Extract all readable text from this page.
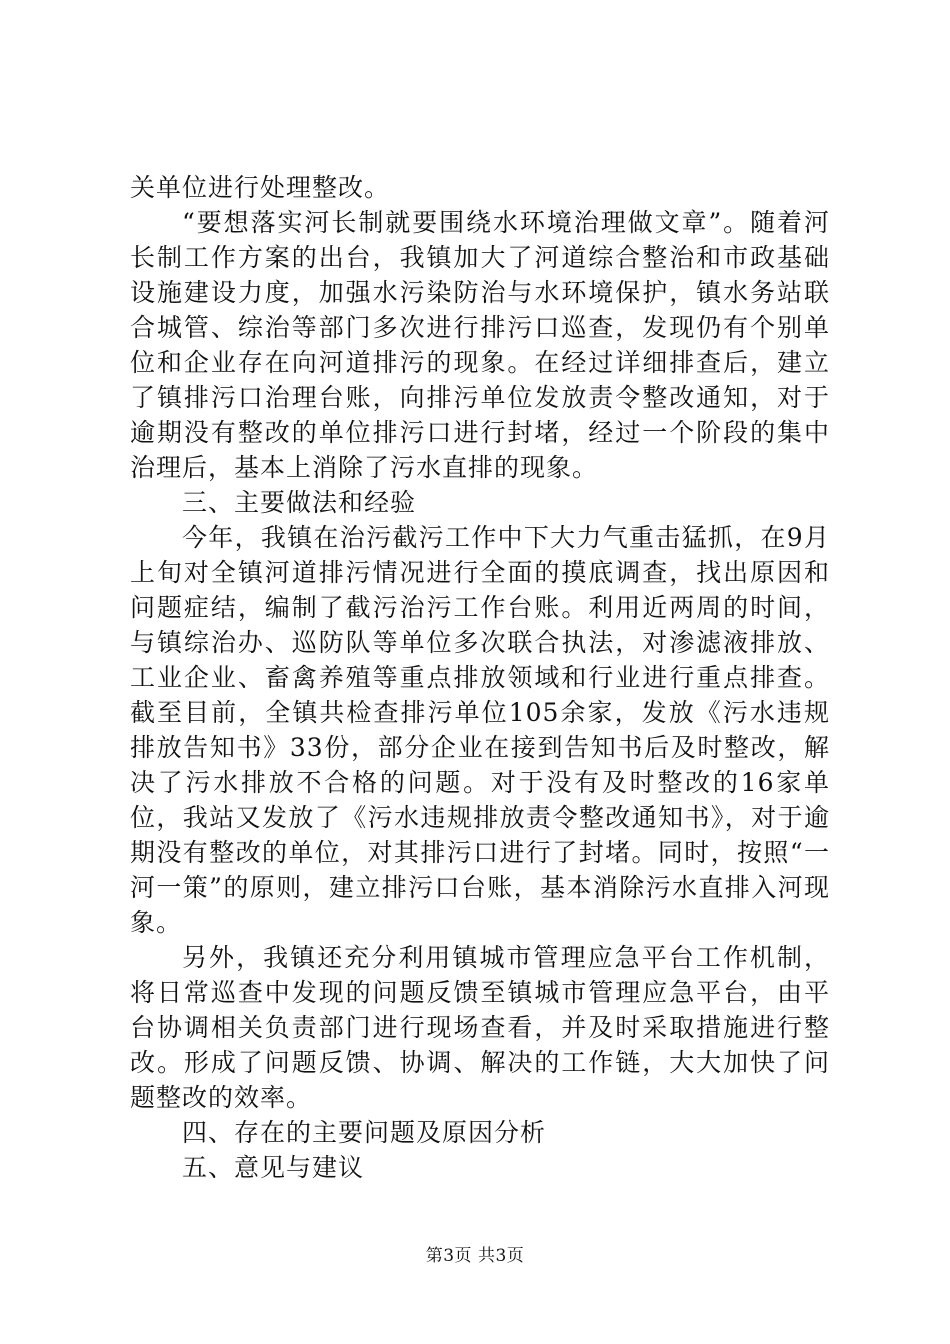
关单位进行处理整改。

“要想落实河长制就要围绕水环境治理做文章”。随着河长制工作方案的出台，我镇加大了河道综合整治和市政基础设施建设力度，加强水污染防治与水环境保护，镇水务站联合城管、综治等部门多次进行排污口巡查，发现仍有个别单位和企业存在向河道排污的现象。在经过详细排查后，建立了镇排污口治理台账，向排污单位发放责令整改通知，对于逾期没有整改的单位排污口进行封堵，经过一个阶段的集中治理后，基本上消除了污水直排的现象。

三、主要做法和经验

今年，我镇在治污截污工作中下大力气重击猛抓，在9月上旬对全镇河道排污情况进行全面的摸底调查，找出原因和问题症结，编制了截污治污工作台账。利用近两周的时间，与镇综治办、巡防队等单位多次联合执法，对渗滤液排放、工业企业、畜禽养殖等重点排放领域和行业进行重点排查。截至目前，全镇共检查排污单位105余家，发放《污水违规排放告知书》33份，部分企业在接到告知书后及时整改，解决了污水排放不合格的问题。对于没有及时整改的16家单位，我站又发放了《污水违规排放责令整改通知书》，对于逾期没有整改的单位，对其排污口进行了封堵。同时，按照“一河一策”的原则，建立排污口台账，基本消除污水直排入河现象。

另外，我镇还充分利用镇城市管理应急平台工作机制，将日常巡查中发现的问题反馈至镇城市管理应急平台，由平台协调相关负责部门进行现场查看，并及时采取措施进行整改。形成了问题反馈、协调、解决的工作链，大大加快了问题整改的效率。

四、存在的主要问题及原因分析

五、意见与建议

第3页 共3页
